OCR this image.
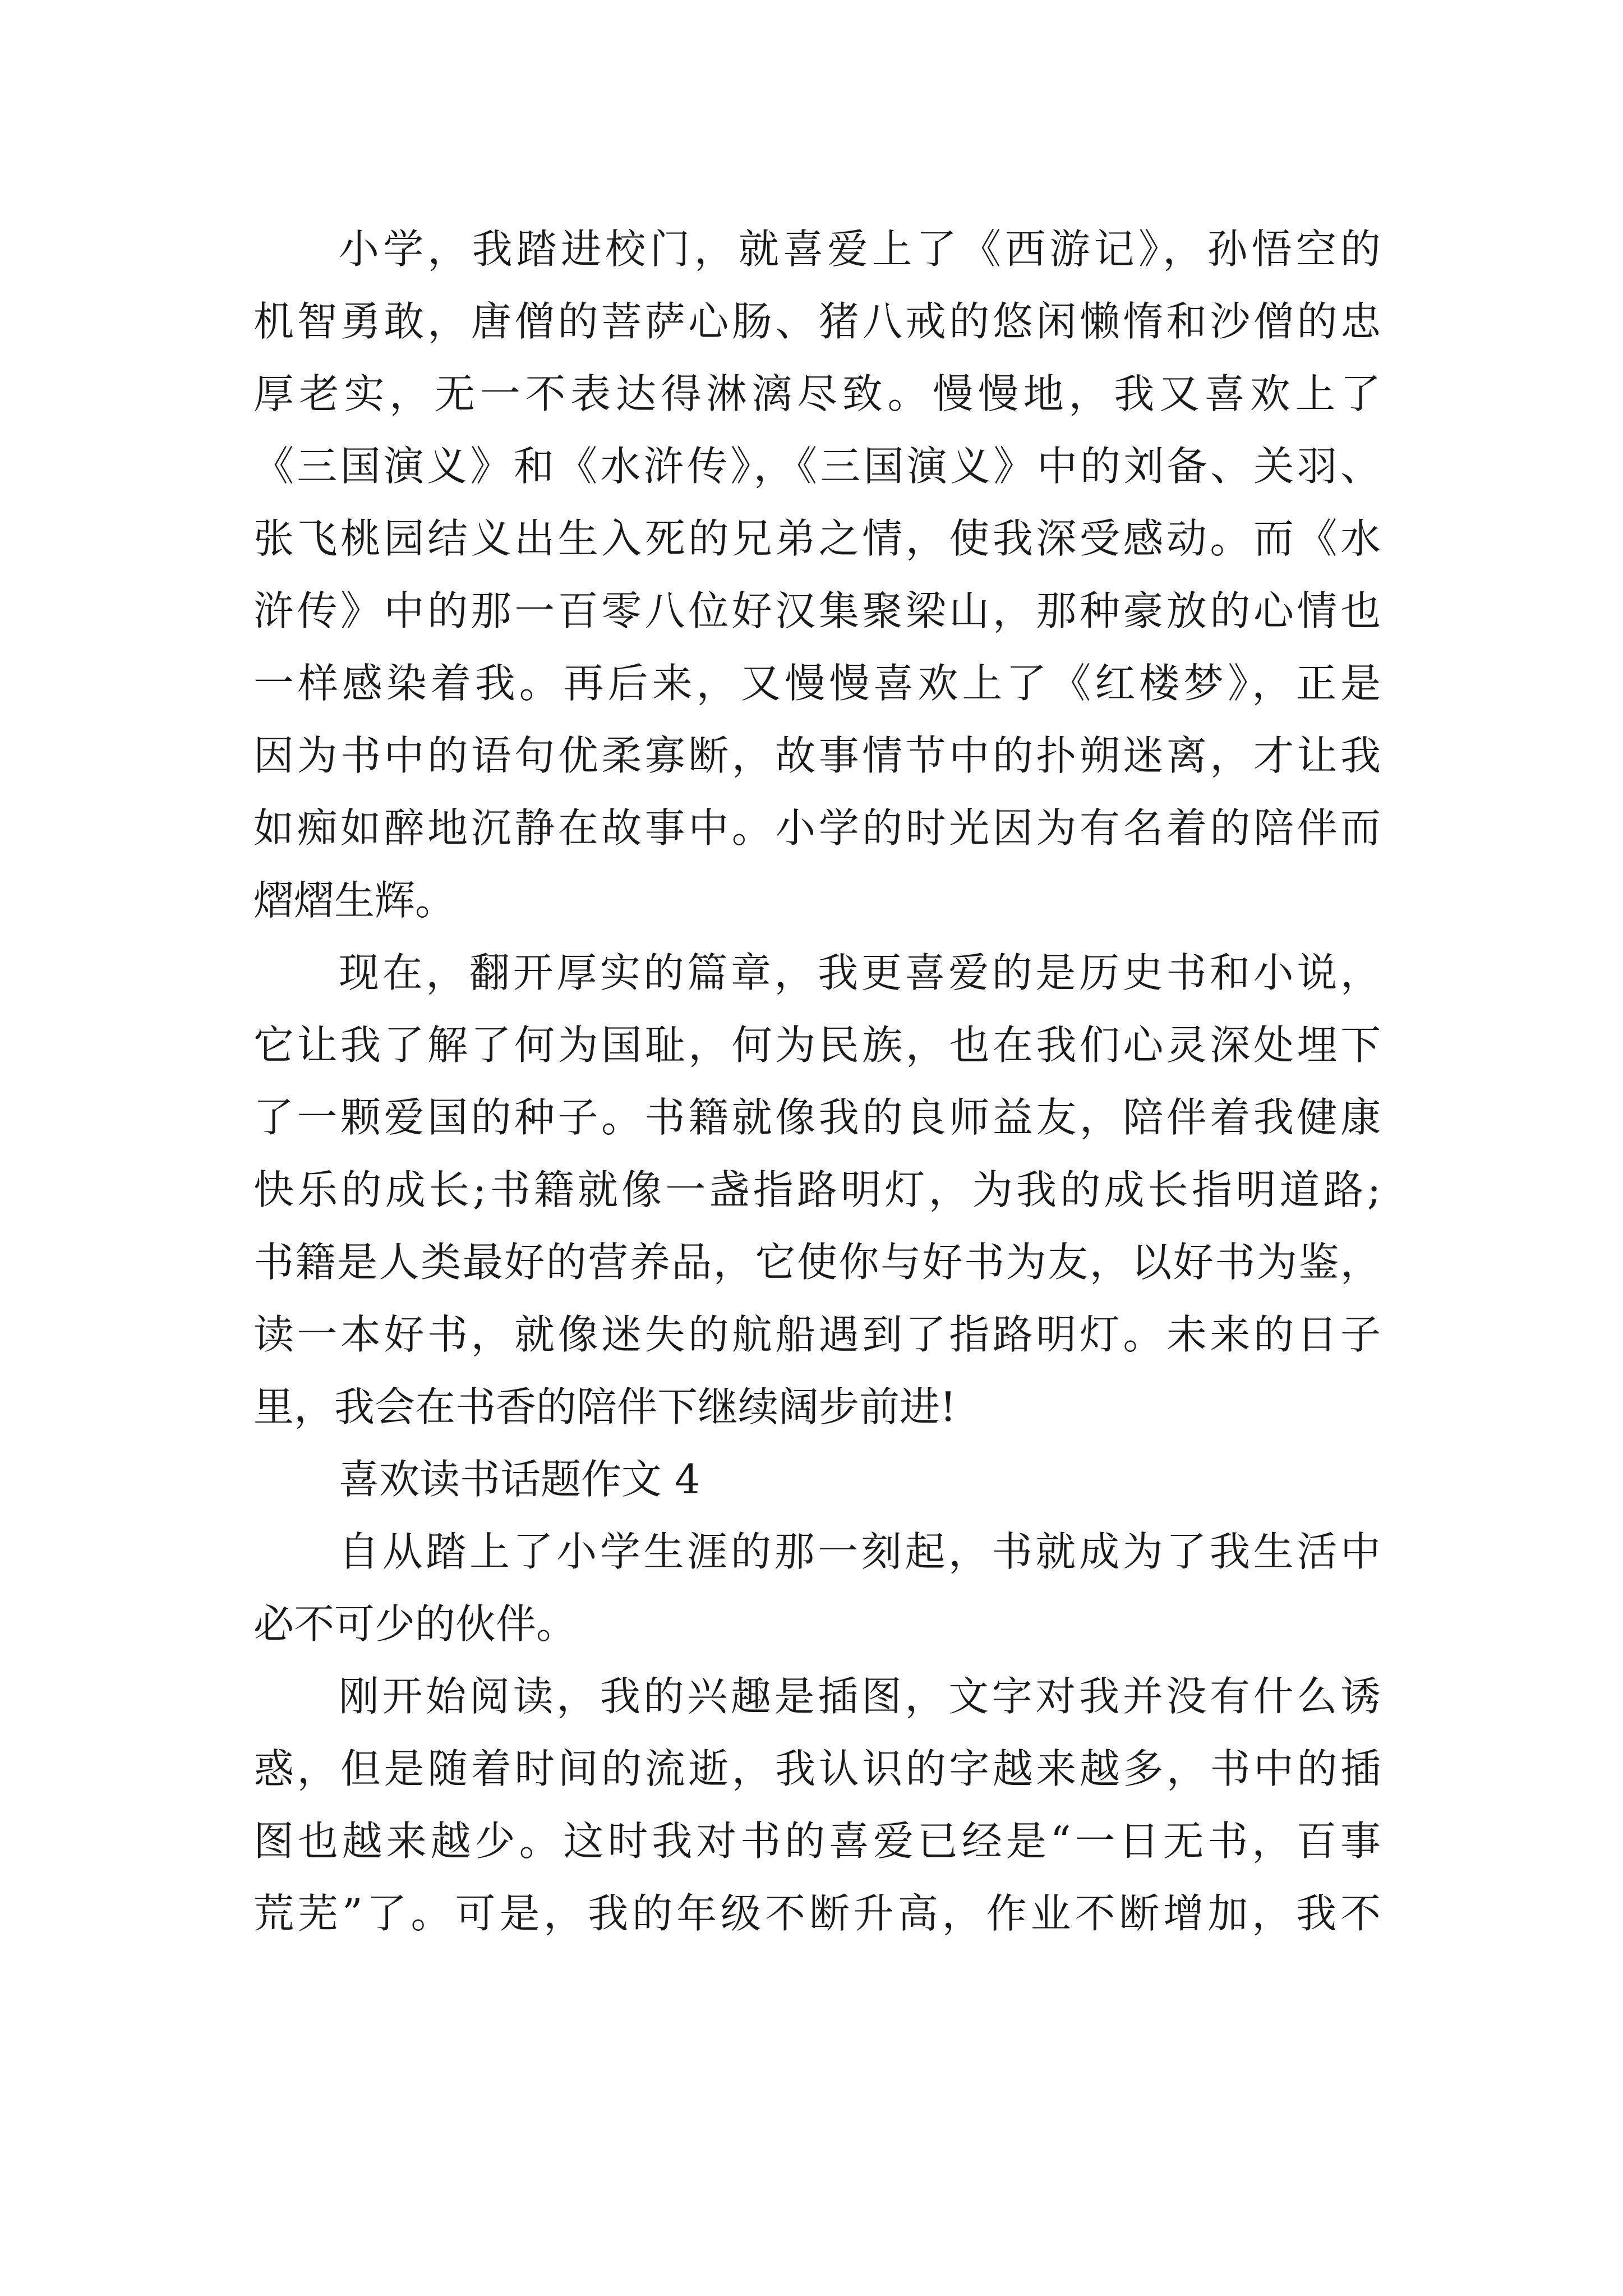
小学，我踏进校门，就喜爱上了《西游记》，孙悟空的
机智勇敢，唐僧的菩萨心肠、猪八戒的悠闲懒惰和沙僧的忠
厚老实，无一不表达得淋漓尽致。慢慢地，我又喜欢上了
《三国演义》和《水浒传》，《三国演义》中的刘备、关羽、
张飞桃园结义出生入死的兄弟之情，使我深受感动。而《水
浒传》中的那一百零八位好汉集聚梁山，那种豪放的心情也
一样感染着我。再后来，又慢慢喜欢上了《红楼梦》，正是
因为书中的语句优柔寡断，故事情节中的扑朔迷离，才让我
如痴如醉地沉静在故事中。小学的时光因为有名着的陪伴而
熠熠生辉。
现在，翻开厚实的篇章，我更喜爱的是历史书和小说，
它让我了解了何为国耻，何为民族，也在我们心灵深处埋下
了一颗爱国的种子。书籍就像我的良师益友，陪伴着我健康
快乐的成长;书籍就像一盏指路明灯，为我的成长指明道路;
书籍是人类最好的营养品，它使你与好书为友，以好书为鉴，
读一本好书，就像迷失的航船遇到了指路明灯。未来的日子
里，我会在书香的陪伴下继续阔步前进!
喜欢读书话题作文 4
自从踏上了小学生涯的那一刻起，书就成为了我生活中
必不可少的伙伴。
刚开始阅读，我的兴趣是插图，文字对我并没有什么诱
惑，但是随着时间的流逝，我认识的字越来越多，书中的插
图也越来越少。这时我对书的喜爱已经是“一日无书，百事
荒芜”了。可是，我的年级不断升高，作业不断增加，我不
